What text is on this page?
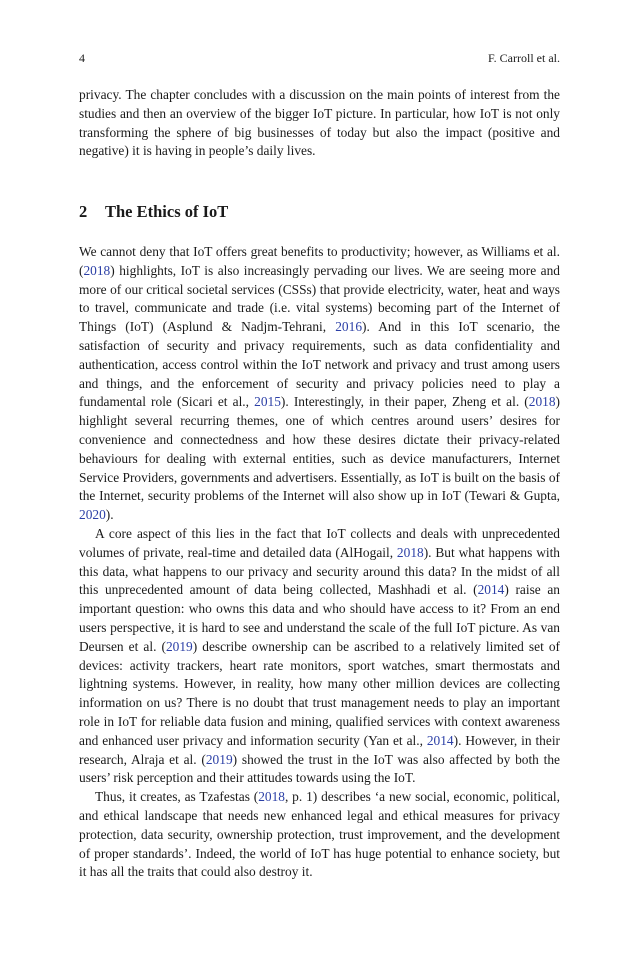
4	F. Carroll et al.

privacy. The chapter concludes with a discussion on the main points of interest from the studies and then an overview of the bigger IoT picture. In particular, how IoT is not only transforming the sphere of big businesses of today but also the impact (positive and negative) it is having in people’s daily lives.

2 The Ethics of IoT

We cannot deny that IoT offers great benefits to productivity; however, as Williams et al. (2018) highlights, IoT is also increasingly pervading our lives. We are seeing more and more of our critical societal services (CSSs) that provide electricity, water, heat and ways to travel, communicate and trade (i.e. vital systems) becoming part of the Internet of Things (IoT) (Asplund & Nadjm-Tehrani, 2016). And in this IoT scenario, the satisfaction of security and privacy requirements, such as data confidentiality and authentication, access control within the IoT network and privacy and trust among users and things, and the enforcement of security and privacy policies need to play a fundamental role (Sicari et al., 2015). Interestingly, in their paper, Zheng et al. (2018) highlight several recurring themes, one of which centres around users’ desires for convenience and connectedness and how these desires dictate their privacy-related behaviours for dealing with external entities, such as device manufacturers, Internet Service Providers, governments and advertisers. Essentially, as IoT is built on the basis of the Internet, security problems of the Internet will also show up in IoT (Tewari & Gupta, 2020).

A core aspect of this lies in the fact that IoT collects and deals with unprecedented volumes of private, real-time and detailed data (AlHogail, 2018). But what happens with this data, what happens to our privacy and security around this data? In the midst of all this unprecedented amount of data being collected, Mashhadi et al. (2014) raise an important question: who owns this data and who should have access to it? From an end users perspective, it is hard to see and understand the scale of the full IoT picture. As van Deursen et al. (2019) describe ownership can be ascribed to a relatively limited set of devices: activity trackers, heart rate monitors, sport watches, smart thermostats and lightning systems. However, in reality, how many other million devices are collecting information on us? There is no doubt that trust management needs to play an important role in IoT for reliable data fusion and mining, qualified services with context awareness and enhanced user privacy and information security (Yan et al., 2014). However, in their research, Alraja et al. (2019) showed the trust in the IoT was also affected by both the users’ risk perception and their attitudes towards using the IoT.

Thus, it creates, as Tzafestas (2018, p. 1) describes ‘a new social, economic, political, and ethical landscape that needs new enhanced legal and ethical measures for privacy protection, data security, ownership protection, trust improvement, and the development of proper standards’. Indeed, the world of IoT has huge potential to enhance society, but it has all the traits that could also destroy it.
